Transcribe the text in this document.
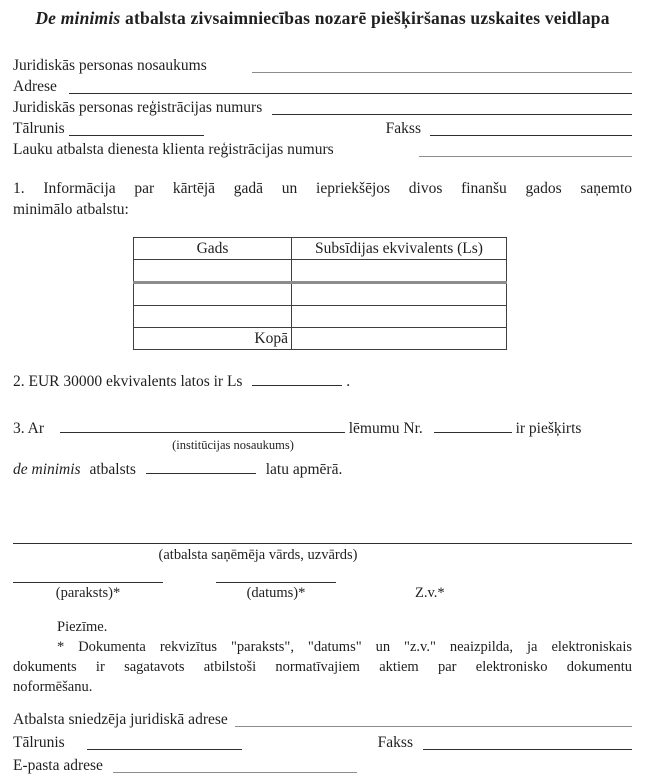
De minimis atbalsta zivsaimniecības nozarē piešķiršanas uzskaites veidlapa
Juridiskās personas nosaukums
Adrese
Juridiskās personas reģistrācijas numurs
Tālrunis	Fakss
Lauku atbalsta dienesta klienta reģistrācijas numurs
1. Informācija par kārtējā gadā un iepriekšējos divos finanšu gados saņemto
minimālo atbalstu:
Gads	Subsīdijas ekvivalents (Ls)

Kopā	
2. EUR 30000 ekvivalents latos ir Ls	.
3. Ar	lēmumu Nr.	ir piešķirts
(institūcijas nosaukums)
de minimis atbalsts	latu apmērā.
(atbalsta saņēmēja vārds, uzvārds)
(paraksts)*	(datums)*	Z.v.*
Piezīme.
* Dokumenta rekvizītus "paraksts", "datums" un "z.v." neaizpilda, ja elektroniskais
dokuments ir sagatavots atbilstoši normatīvajiem aktiem par elektronisko dokumentu
noformēšanu.
Atbalsta sniedzēja juridiskā adrese
Tālrunis	Fakss
E-pasta adrese
